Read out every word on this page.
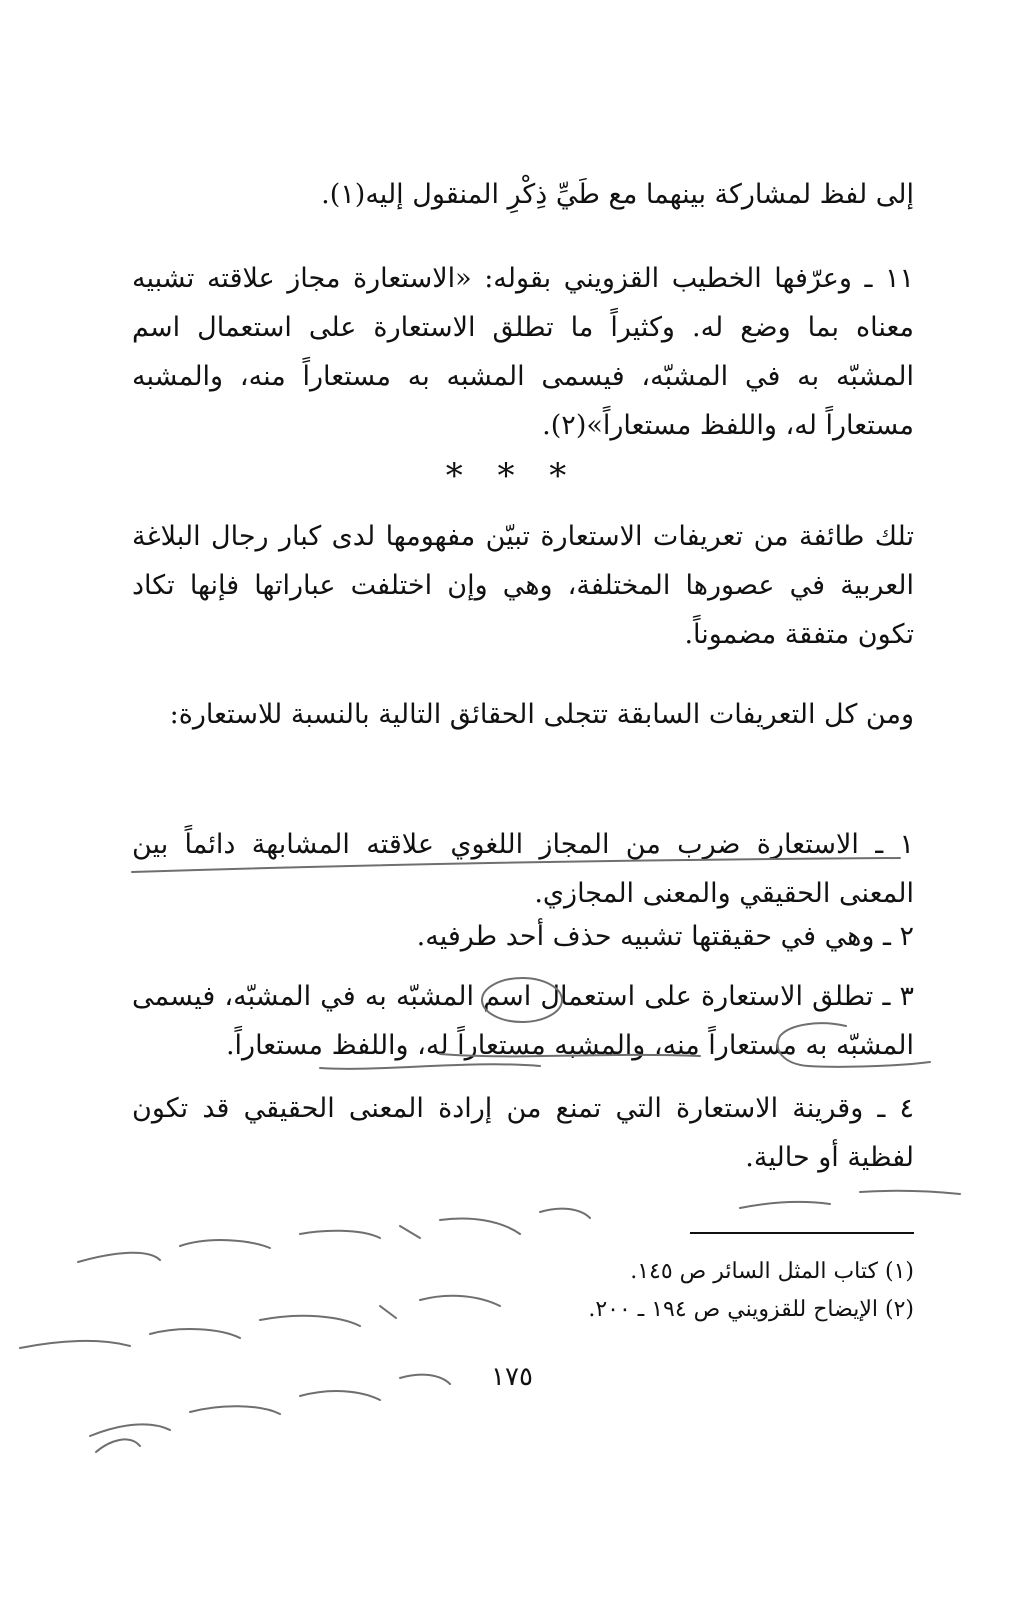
إلى لفظ لمشاركة بينهما مع طَيِّ ذِكْرِ المنقول إليه(١).

١١ ـ وعرّفها الخطيب القزويني بقوله: «الاستعارة مجاز علاقته تشبيه معناه بما وضع له. وكثيراً ما تطلق الاستعارة على استعمال اسم المشبّه به في المشبّه، فيسمى المشبه به مستعاراً منه، والمشبه مستعاراً له، واللفظ مستعاراً»(٢).

* * *

تلك طائفة من تعريفات الاستعارة تبيّن مفهومها لدى كبار رجال البلاغة العربية في عصورها المختلفة، وهي وإن اختلفت عباراتها فإنها تكاد تكون متفقة مضموناً.

ومن كل التعريفات السابقة تتجلى الحقائق التالية بالنسبة للاستعارة:

١ ـ الاستعارة ضرب من المجاز اللغوي علاقته المشابهة دائماً بين المعنى الحقيقي والمعنى المجازي.

٢ ـ وهي في حقيقتها تشبيه حذف أحد طرفيه.

٣ ـ تطلق الاستعارة على استعمال اسم المشبّه به في المشبّه، فيسمى المشبّه به مستعاراً منه، والمشبه مستعاراً له، واللفظ مستعاراً.

٤ ـ وقرينة الاستعارة التي تمنع من إرادة المعنى الحقيقي قد تكون لفظية أو حالية.

(١) كتاب المثل السائر ص ١٤٥.
(٢) الإيضاح للقزويني ص ١٩٤ ـ ٢٠٠.
١٧٥
